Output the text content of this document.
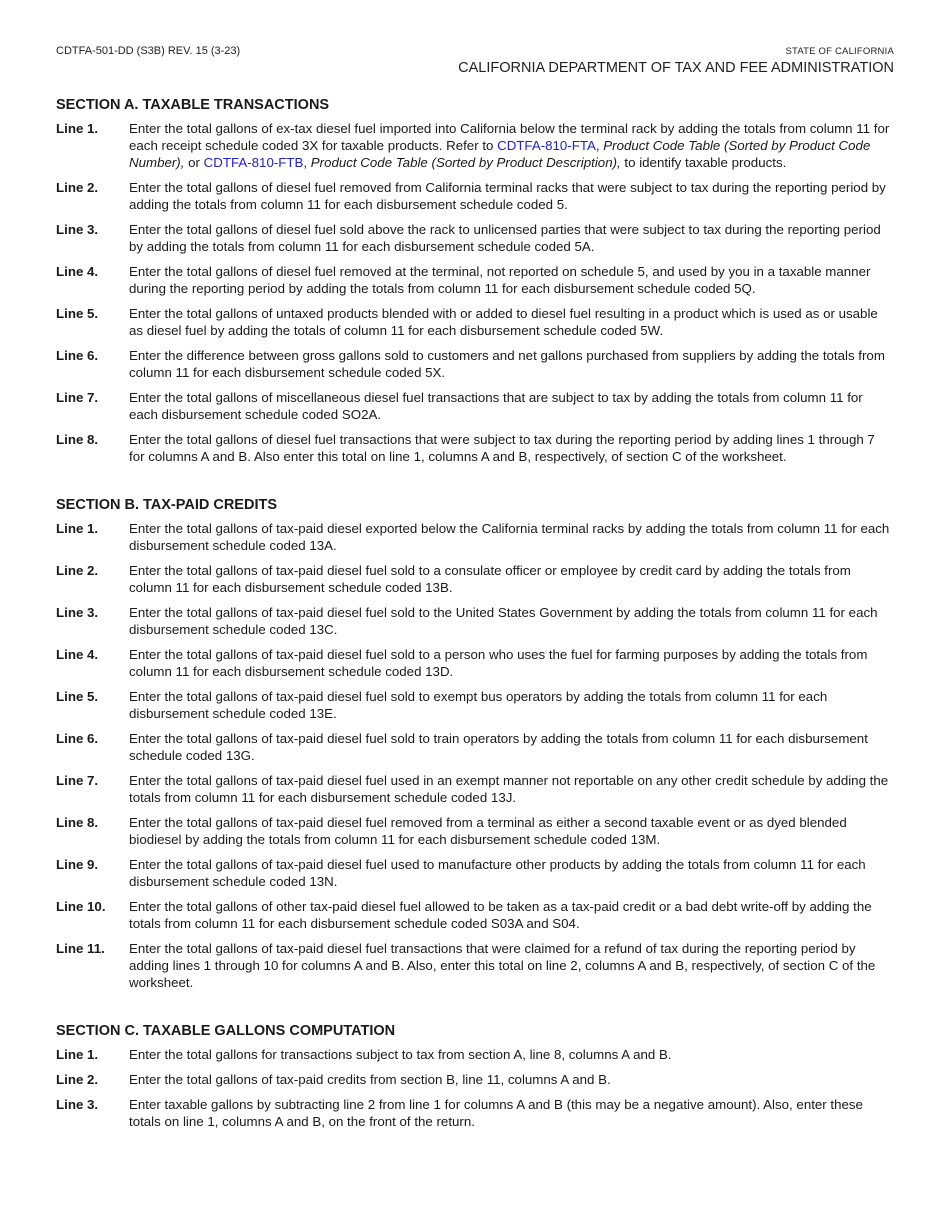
CDTFA-501-DD (S3B) REV. 15 (3-23)	STATE OF CALIFORNIA
CALIFORNIA DEPARTMENT OF TAX AND FEE ADMINISTRATION
SECTION A. TAXABLE TRANSACTIONS
Line 1.	Enter the total gallons of ex-tax diesel fuel imported into California below the terminal rack by adding the totals from column 11 for each receipt schedule coded 3X for taxable products. Refer to CDTFA-810-FTA, Product Code Table (Sorted by Product Code Number), or CDTFA-810-FTB, Product Code Table (Sorted by Product Description), to identify taxable products.
Line 2.	Enter the total gallons of diesel fuel removed from California terminal racks that were subject to tax during the reporting period by adding the totals from column 11 for each disbursement schedule coded 5.
Line 3.	Enter the total gallons of diesel fuel sold above the rack to unlicensed parties that were subject to tax during the reporting period by adding the totals from column 11 for each disbursement schedule coded 5A.
Line 4.	Enter the total gallons of diesel fuel removed at the terminal, not reported on schedule 5, and used by you in a taxable manner during the reporting period by adding the totals from column 11 for each disbursement schedule coded 5Q.
Line 5.	Enter the total gallons of untaxed products blended with or added to diesel fuel resulting in a product which is used as or usable as diesel fuel by adding the totals of column 11 for each disbursement schedule coded 5W.
Line 6.	Enter the difference between gross gallons sold to customers and net gallons purchased from suppliers by adding the totals from column 11 for each disbursement schedule coded 5X.
Line 7.	Enter the total gallons of miscellaneous diesel fuel transactions that are subject to tax by adding the totals from column 11 for each disbursement schedule coded SO2A.
Line 8.	Enter the total gallons of diesel fuel transactions that were subject to tax during the reporting period by adding lines 1 through 7 for columns A and B. Also enter this total on line 1, columns A and B, respectively, of section C of the worksheet.
SECTION B. TAX-PAID CREDITS
Line 1.	Enter the total gallons of tax-paid diesel exported below the California terminal racks by adding the totals from column 11 for each disbursement schedule coded 13A.
Line 2.	Enter the total gallons of tax-paid diesel fuel sold to a consulate officer or employee by credit card by adding the totals from column 11 for each disbursement schedule coded 13B.
Line 3.	Enter the total gallons of tax-paid diesel fuel sold to the United States Government by adding the totals from column 11 for each disbursement schedule coded 13C.
Line 4.	Enter the total gallons of tax-paid diesel fuel sold to a person who uses the fuel for farming purposes by adding the totals from column 11 for each disbursement schedule coded 13D.
Line 5.	Enter the total gallons of tax-paid diesel fuel sold to exempt bus operators by adding the totals from column 11 for each disbursement schedule coded 13E.
Line 6.	Enter the total gallons of tax-paid diesel fuel sold to train operators by adding the totals from column 11 for each disbursement schedule coded 13G.
Line 7.	Enter the total gallons of tax-paid diesel fuel used in an exempt manner not reportable on any other credit schedule by adding the totals from column 11 for each disbursement schedule coded 13J.
Line 8.	Enter the total gallons of tax-paid diesel fuel removed from a terminal as either a second taxable event or as dyed blended biodiesel by adding the totals from column 11 for each disbursement schedule coded 13M.
Line 9.	Enter the total gallons of tax-paid diesel fuel used to manufacture other products by adding the totals from column 11 for each disbursement schedule coded 13N.
Line 10.	Enter the total gallons of other tax-paid diesel fuel allowed to be taken as a tax-paid credit or a bad debt write-off by adding the totals from column 11 for each disbursement schedule coded S03A and S04.
Line 11.	Enter the total gallons of tax-paid diesel fuel transactions that were claimed for a refund of tax during the reporting period by adding lines 1 through 10 for columns A and B. Also, enter this total on line 2, columns A and B, respectively, of section C of the worksheet.
SECTION C. TAXABLE GALLONS COMPUTATION
Line 1.	Enter the total gallons for transactions subject to tax from section A, line 8, columns A and B.
Line 2.	Enter the total gallons of tax-paid credits from section B, line 11, columns A and B.
Line 3.	Enter taxable gallons by subtracting line 2 from line 1 for columns A and B (this may be a negative amount). Also, enter these totals on line 1, columns A and B, on the front of the return.
